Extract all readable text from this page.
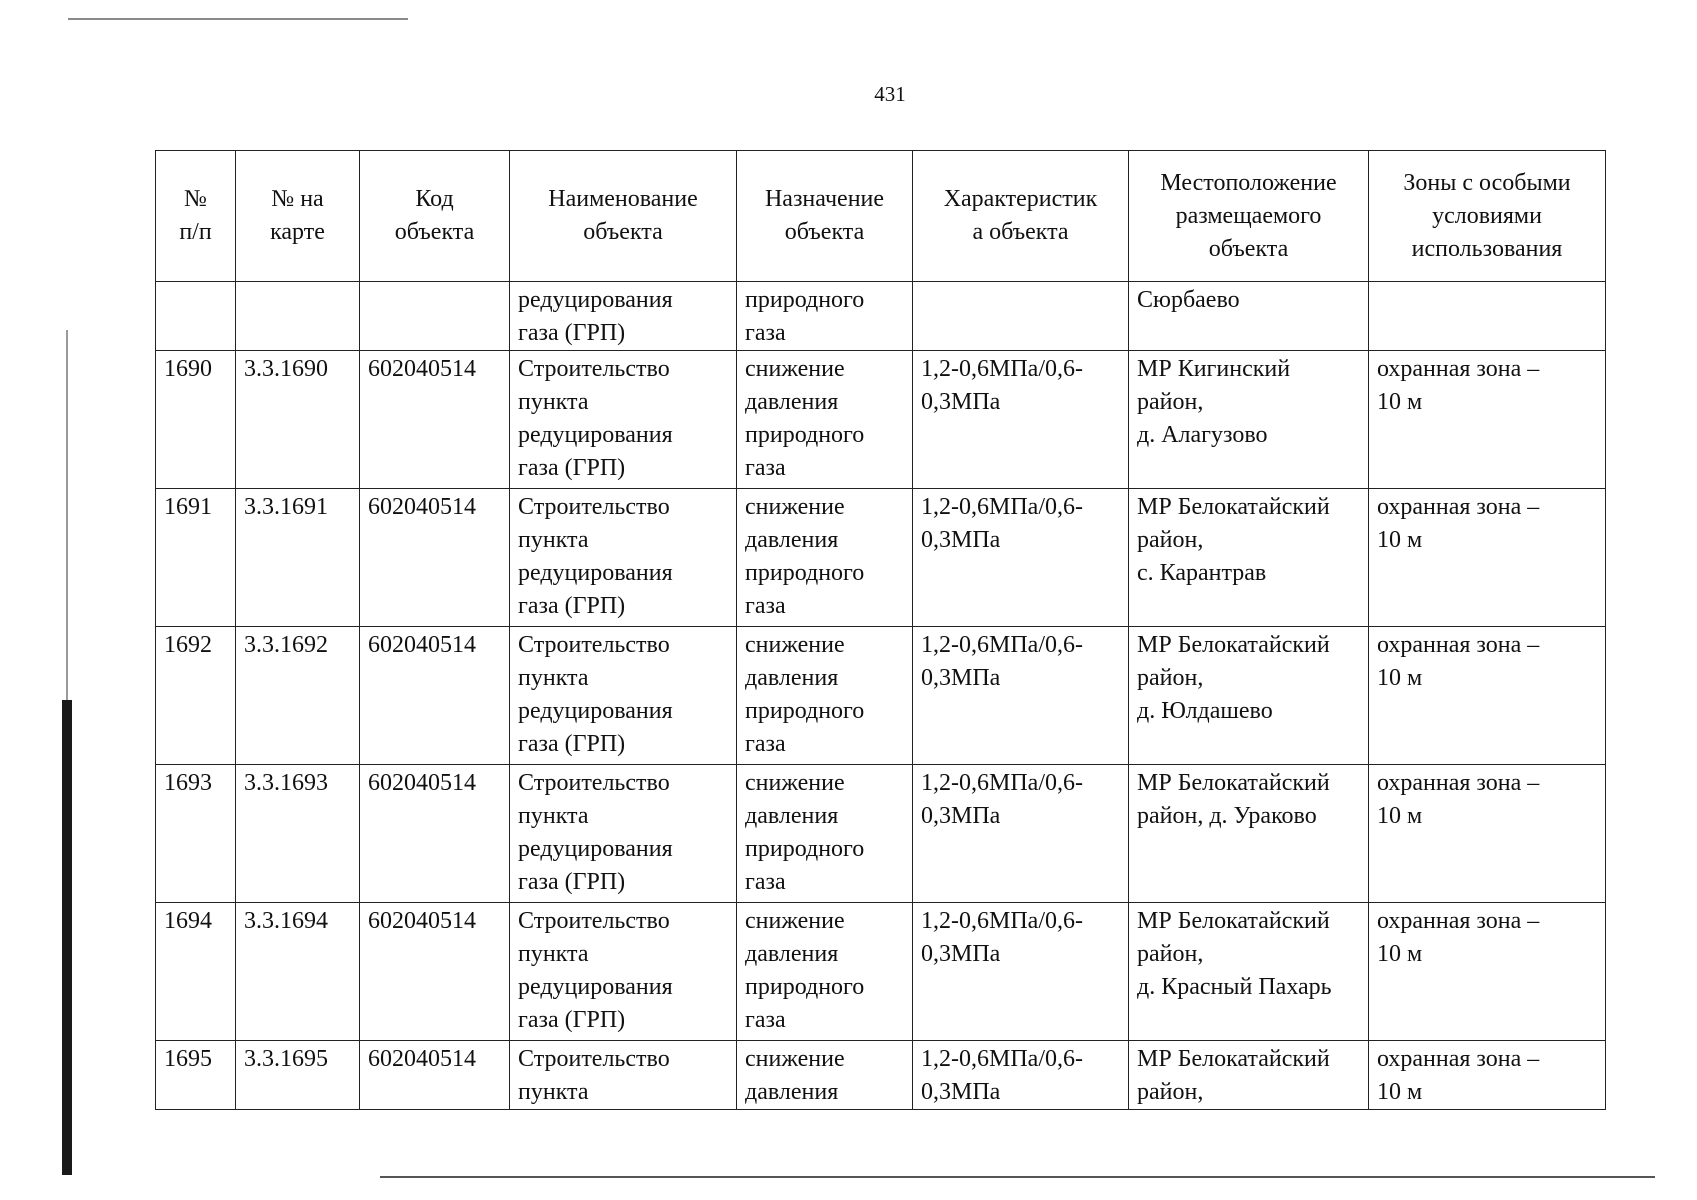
431
№
п/п	№ на
карте	Код
объекта	Наименование
объекта	Назначение
объекта	Характеристик
а объекта	Местоположение
размещаемого
объекта	Зоны с особыми
условиями
использования
			редуцирования
газа (ГРП)	природного
газа		Сюрбаево	
1690	3.3.1690	602040514	Строительство
пункта
редуцирования
газа (ГРП)	снижение
давления
природного
газа	1,2-0,6МПа/0,6-
0,3МПа	МР Кигинский
район,
д. Алагузово	охранная зона –
10 м
1691	3.3.1691	602040514	Строительство
пункта
редуцирования
газа (ГРП)	снижение
давления
природного
газа	1,2-0,6МПа/0,6-
0,3МПа	МР Белокатайский
район,
с. Карантрав	охранная зона –
10 м
1692	3.3.1692	602040514	Строительство
пункта
редуцирования
газа (ГРП)	снижение
давления
природного
газа	1,2-0,6МПа/0,6-
0,3МПа	МР Белокатайский
район,
д. Юлдашево	охранная зона –
10 м
1693	3.3.1693	602040514	Строительство
пункта
редуцирования
газа (ГРП)	снижение
давления
природного
газа	1,2-0,6МПа/0,6-
0,3МПа	МР Белокатайский
район, д. Ураково	охранная зона –
10 м
1694	3.3.1694	602040514	Строительство
пункта
редуцирования
газа (ГРП)	снижение
давления
природного
газа	1,2-0,6МПа/0,6-
0,3МПа	МР Белокатайский
район,
д. Красный Пахарь	охранная зона –
10 м
1695	3.3.1695	602040514	Строительство
пункта	снижение
давления	1,2-0,6МПа/0,6-
0,3МПа	МР Белокатайский
район,	охранная зона –
10 м
